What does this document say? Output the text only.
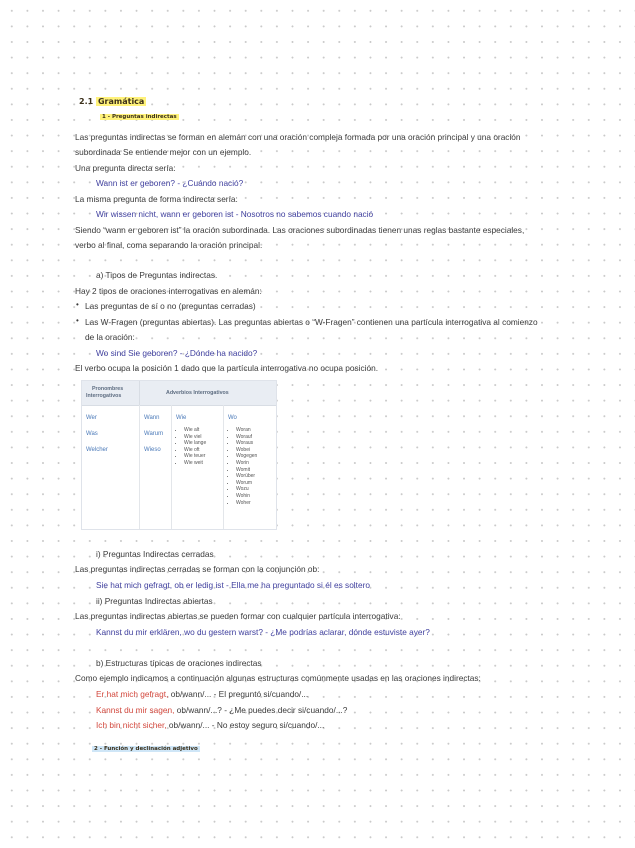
2.1 Gramática
1 - Preguntas indirectas
Las preguntas indirectas se forman en alemán con una oración compleja formada por una oración principal y una oración
subordinada Se entiende mejor con un ejemplo.
Una pregunta directa sería:
Wann ist er geboren? - ¿Cuándo nació?
La misma pregunta de forma indirecta sería:
Wir wissen nicht, wann er geboren ist - Nosotros no sabemos cuando nació
Siendo “wann er geboren ist” la oración subordinada. Las oraciones subordinadas tienen unas reglas bastante especiales,
verbo al final, coma separando la oración principal.
a) Tipos de Preguntas indirectas.
Hay 2 tipos de oraciones interrogativas en alemán:
• Las preguntas de sí o no (preguntas cerradas)
• Las W-Fragen (preguntas abiertas). Las preguntas abiertas o “W-Fragen” contienen una partícula interrogativa al comienzo
de la oración:
Wo sind Sie geboren? - ¿Dónde ha nacido?
El verbo ocupa la posición 1 dado que la partícula interrogativa no ocupa posición.
Pronombres
Interrogativos	Adverbios Interrogativos
Wer
Was
Welcher
Wann
Warum
Wieso
Wie
• Wie alt
• Wie viel
• Wie lange
• Wie oft
• Wie teuer
• Wie weit
Wo
• Woran
• Worauf
• Woraus
• Wobei
• Wogegen
• Worin
• Womit
• Worüber
• Worum
• Wozu
• Wohin
• Woher
i) Preguntas Indirectas cerradas
Las preguntas indirectas cerradas se forman con la conjunción ob:
Sie hat mich gefragt, ob er ledig ist - Ella me ha preguntado si él es soltero
ii) Preguntas Indirectas abiertas
Las preguntas indirectas abiertas se pueden formar con cualquier partícula interrogativa:
Kannst du mir erklären, wo du gestern warst? - ¿Me podrías aclarar, dónde estuviste ayer?
b) Estructuras típicas de oraciones indirectas
Como ejemplo indicamos a continuación algunas estructuras comúnmente usadas en las oraciones indirectas:
Er hat mich gefragt, ob/wann/... - El preguntó si/cuando/...
Kannst du mir sagen, ob/wann/...? - ¿Me puedes decir si/cuando/...?
Ich bin nicht sicher, ob/wann/... - No estoy seguro si/cuando/...
2 - Función y declinación adjetivo
